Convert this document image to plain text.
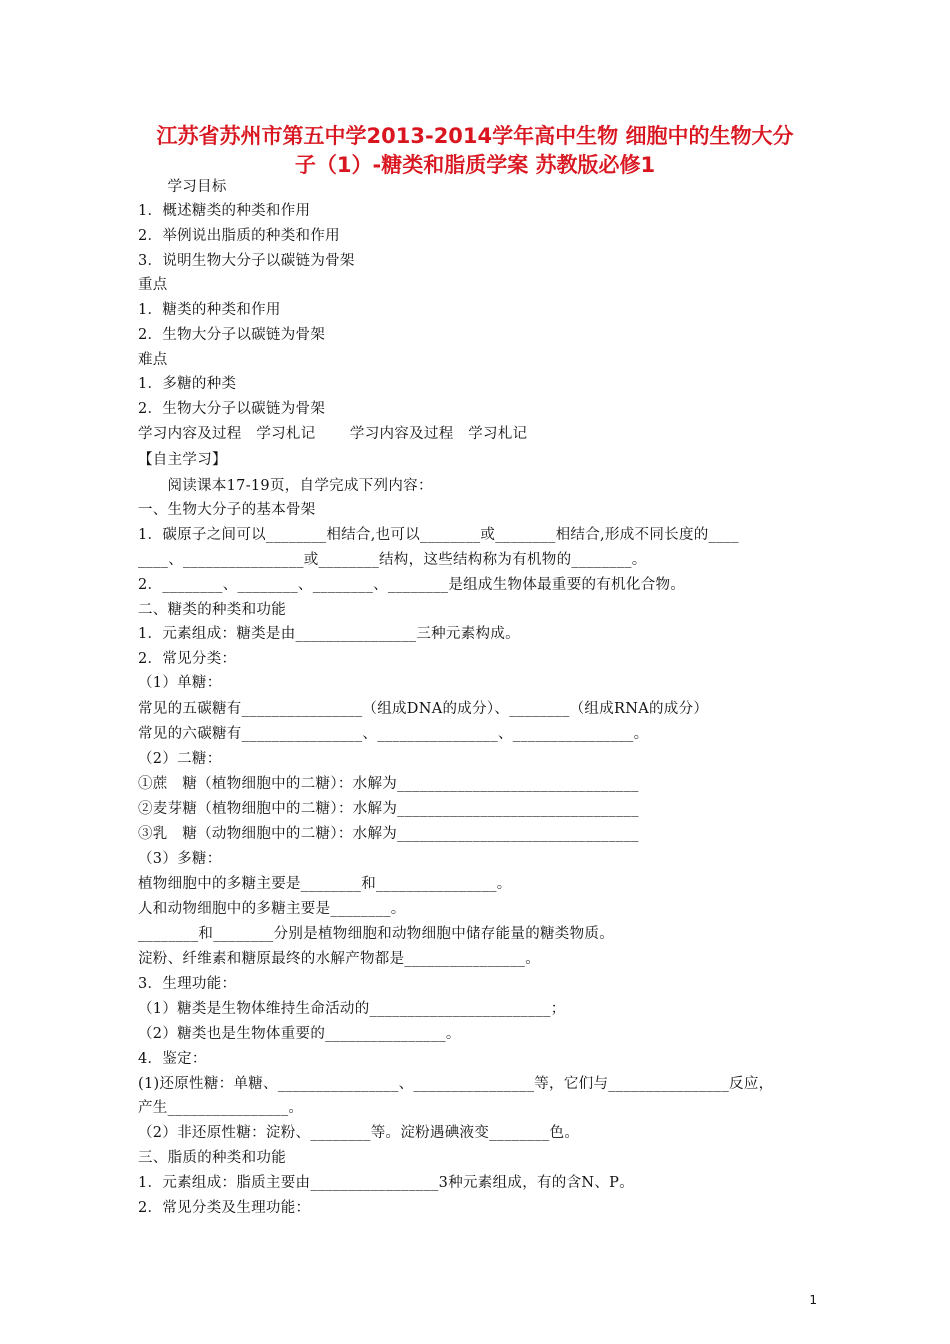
江苏省苏州市第五中学2013-2014学年高中生物 细胞中的生物大分
子（1）-糖类和脂质学案 苏教版必修1
学习目标
1．概述糖类的种类和作用
2．举例说出脂质的种类和作用
3．说明生物大分子以碳链为骨架
重点
1．糖类的种类和作用
2．生物大分子以碳链为骨架
难点
1．多糖的种类
2．生物大分子以碳链为骨架
学习内容及过程   学习札记       学习内容及过程   学习札记
【自主学习】
阅读课本17-19页，自学完成下列内容：
一、生物大分子的基本骨架
1．碳原子之间可以________相结合,也可以________或________相结合,形成不同长度的____
____、________________或________结构，这些结构称为有机物的________。
2．________、________、________、________是组成生物体最重要的有机化合物。
二、糖类的种类和功能
1．元素组成：糖类是由________________三种元素构成。
2．常见分类：
（1）单糖：
常见的五碳糖有________________（组成DNA的成分）、________（组成RNA的成分）
常见的六碳糖有________________、________________、________________。
（2）二糖：
①蔗   糖（植物细胞中的二糖）：水解为________________________________
②麦芽糖（植物细胞中的二糖）：水解为________________________________
③乳   糖（动物细胞中的二糖）：水解为________________________________
（3）多糖：
植物细胞中的多糖主要是________和________________。
人和动物细胞中的多糖主要是________。
________和________分别是植物细胞和动物细胞中储存能量的糖类物质。
淀粉、纤维素和糖原最终的水解产物都是________________。
3．生理功能：
（1）糖类是生物体维持生命活动的________________________；
（2）糖类也是生物体重要的________________。
4．鉴定：
(1)还原性糖：单糖、________________、________________等，它们与________________反应，
产生________________。
（2）非还原性糖：淀粉、________等。淀粉遇碘液变________色。
三、脂质的种类和功能
1．元素组成：脂质主要由_________________3种元素组成，有的含N、P。
2．常见分类及生理功能：
1
